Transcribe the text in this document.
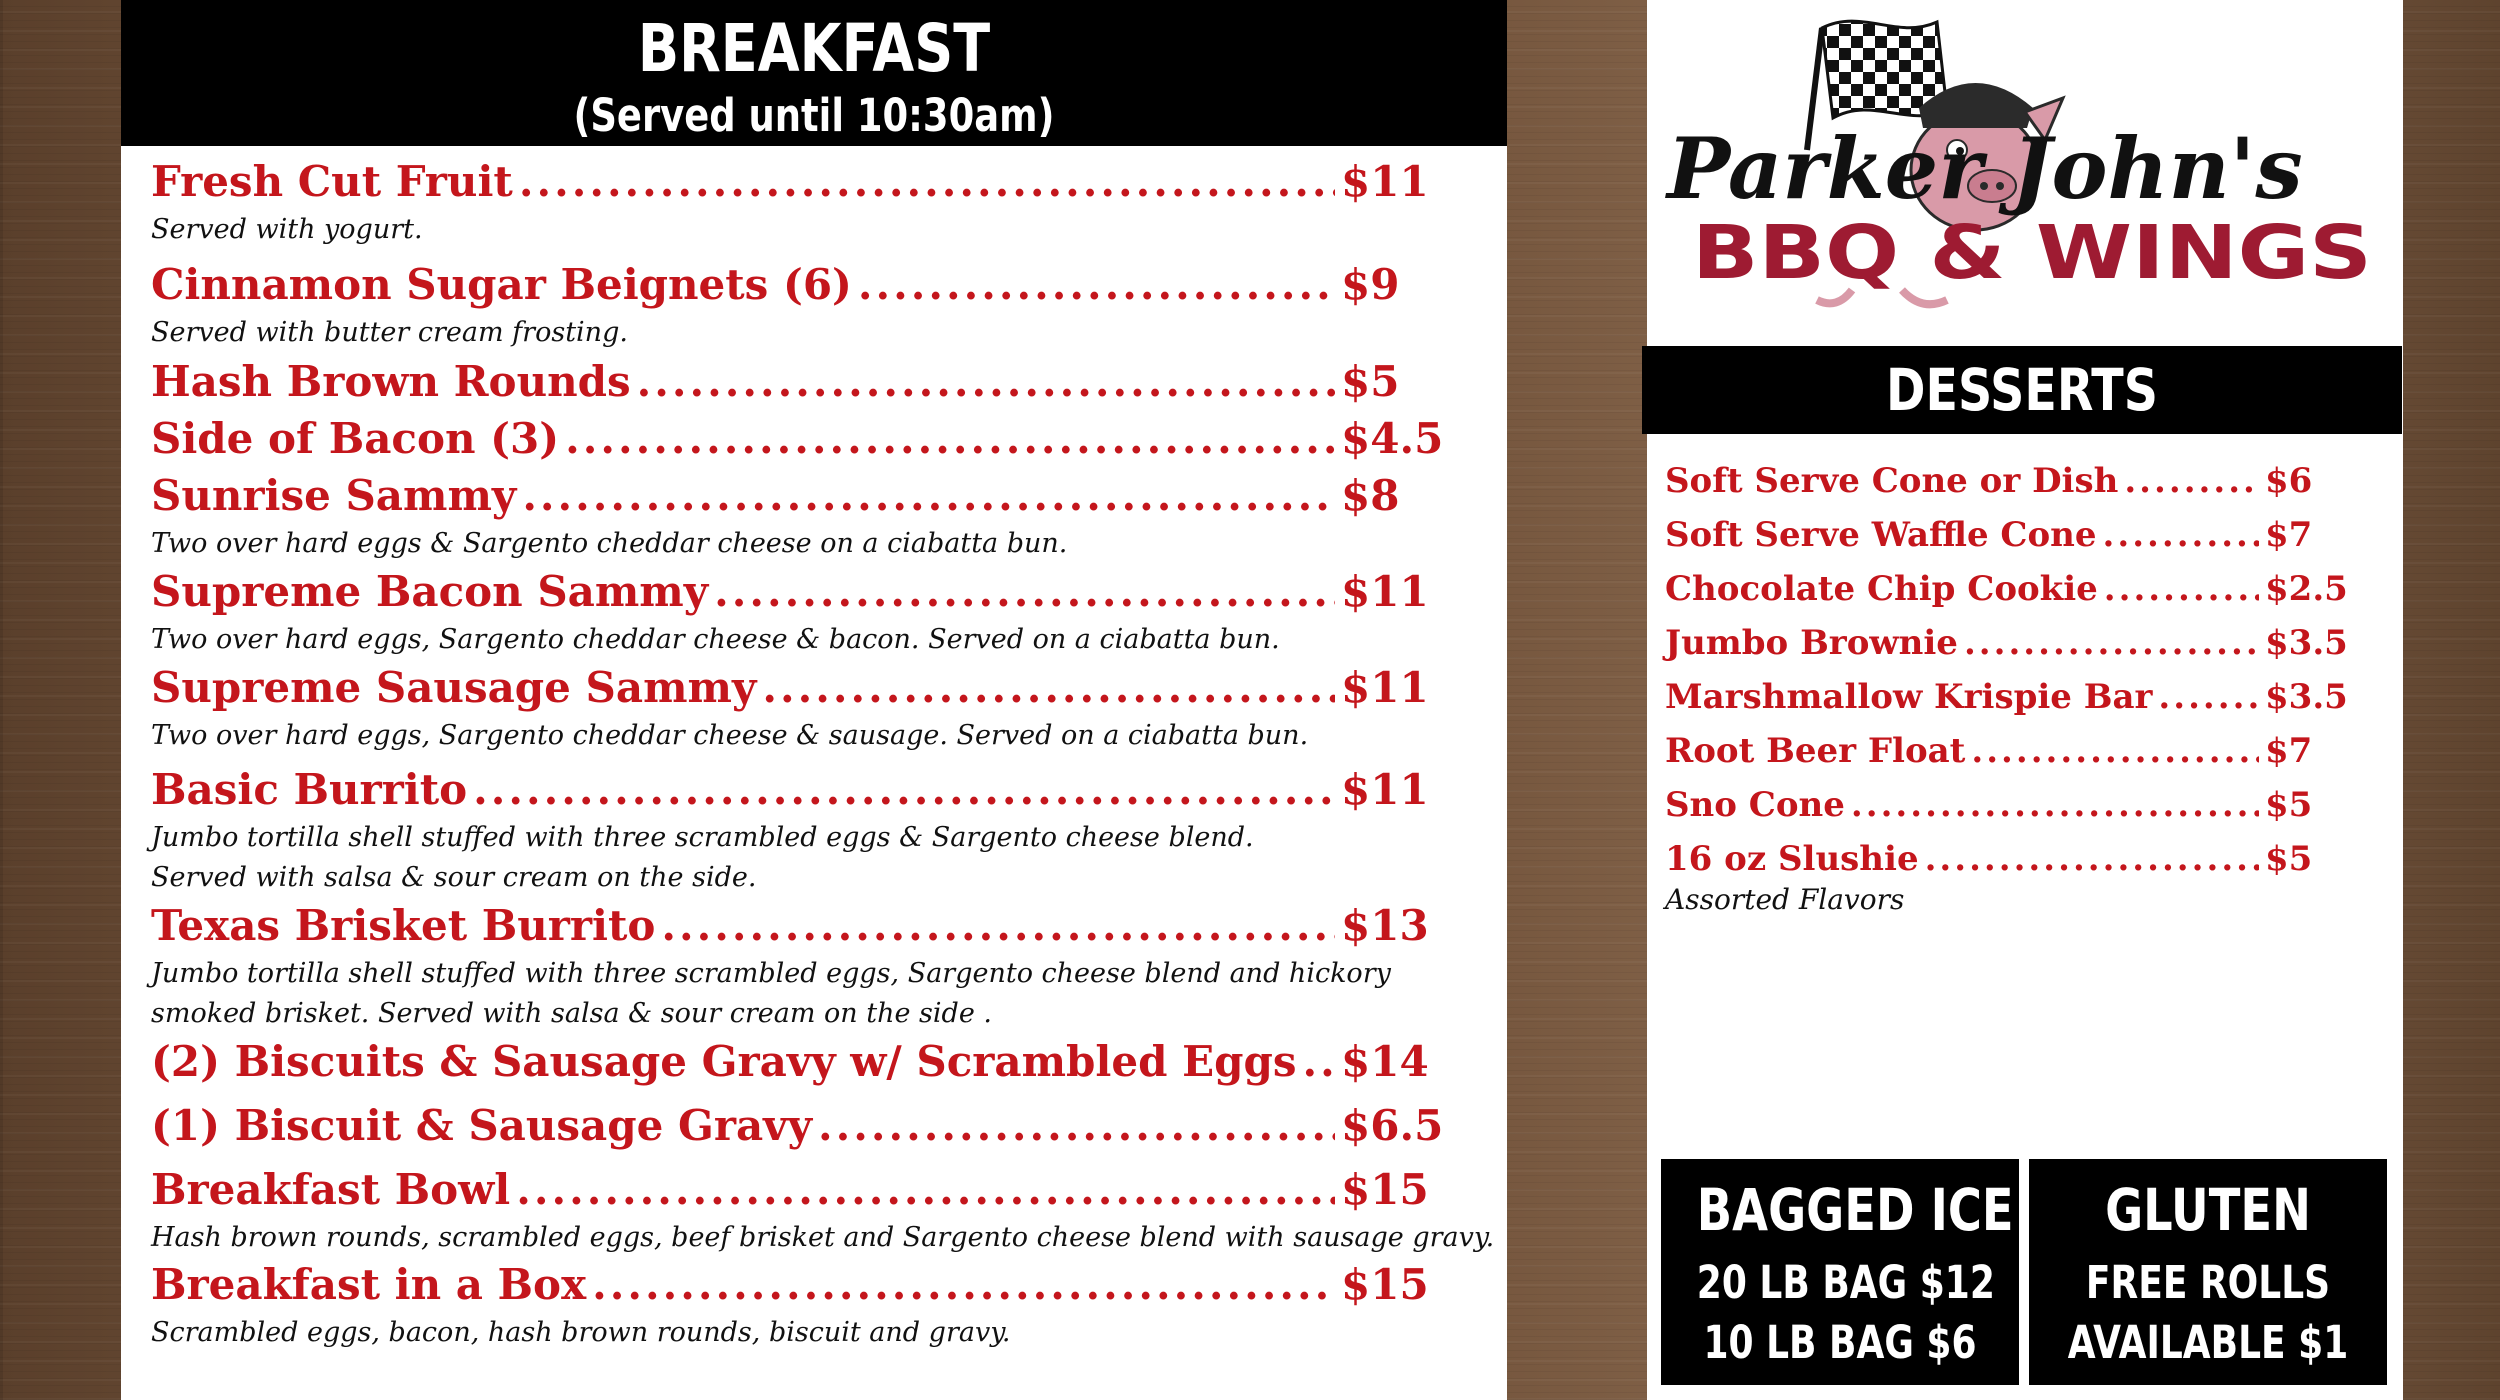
BREAKFAST
(Served until 10:30am)
Fresh Cut Fruit .....	$11
Served with yogurt.
Cinnamon Sugar Beignets (6) .....	$9
Served with butter cream frosting.
Hash Brown Rounds .....	$5
Side of Bacon (3) .....	$4.5
Sunrise Sammy .....	$8
Two over hard eggs & Sargento cheddar cheese on a ciabatta bun.
Supreme Bacon Sammy .....	$11
Two over hard eggs, Sargento cheddar cheese & bacon. Served on a ciabatta bun.
Supreme Sausage Sammy .....	$11
Two over hard eggs, Sargento cheddar cheese & sausage. Served on a ciabatta bun.
Basic Burrito .....	$11
Jumbo tortilla shell stuffed with three scrambled eggs & Sargento cheese blend.
Served with salsa & sour cream on the side.
Texas Brisket Burrito .....	$13
Jumbo tortilla shell stuffed with three scrambled eggs, Sargento cheese blend and hickory
smoked brisket. Served with salsa & sour cream on the side .
(2) Biscuits & Sausage Gravy w/ Scrambled Eggs ..... $14
(1) Biscuit & Sausage Gravy .....	$6.5
Breakfast Bowl .....	$15
Hash brown rounds, scrambled eggs, beef brisket and Sargento cheese blend with sausage gravy.
Breakfast in a Box .....	$15
Scrambled eggs, bacon, hash brown rounds, biscuit and gravy.
Parker John's
BBQ & WINGS
DESSERTS
Soft Serve Cone or Dish .....	$6
Soft Serve Waffle Cone .....	$7
Chocolate Chip Cookie .....	$2.5
Jumbo Brownie .....	$3.5
Marshmallow Krispie Bar .....	$3.5
Root Beer Float .....	$7
Sno Cone .....	$5
16 oz Slushie .....	$5
Assorted Flavors
BAGGED ICE
20 LB BAG $12
10 LB BAG $6
GLUTEN
FREE ROLLS
AVAILABLE $1
